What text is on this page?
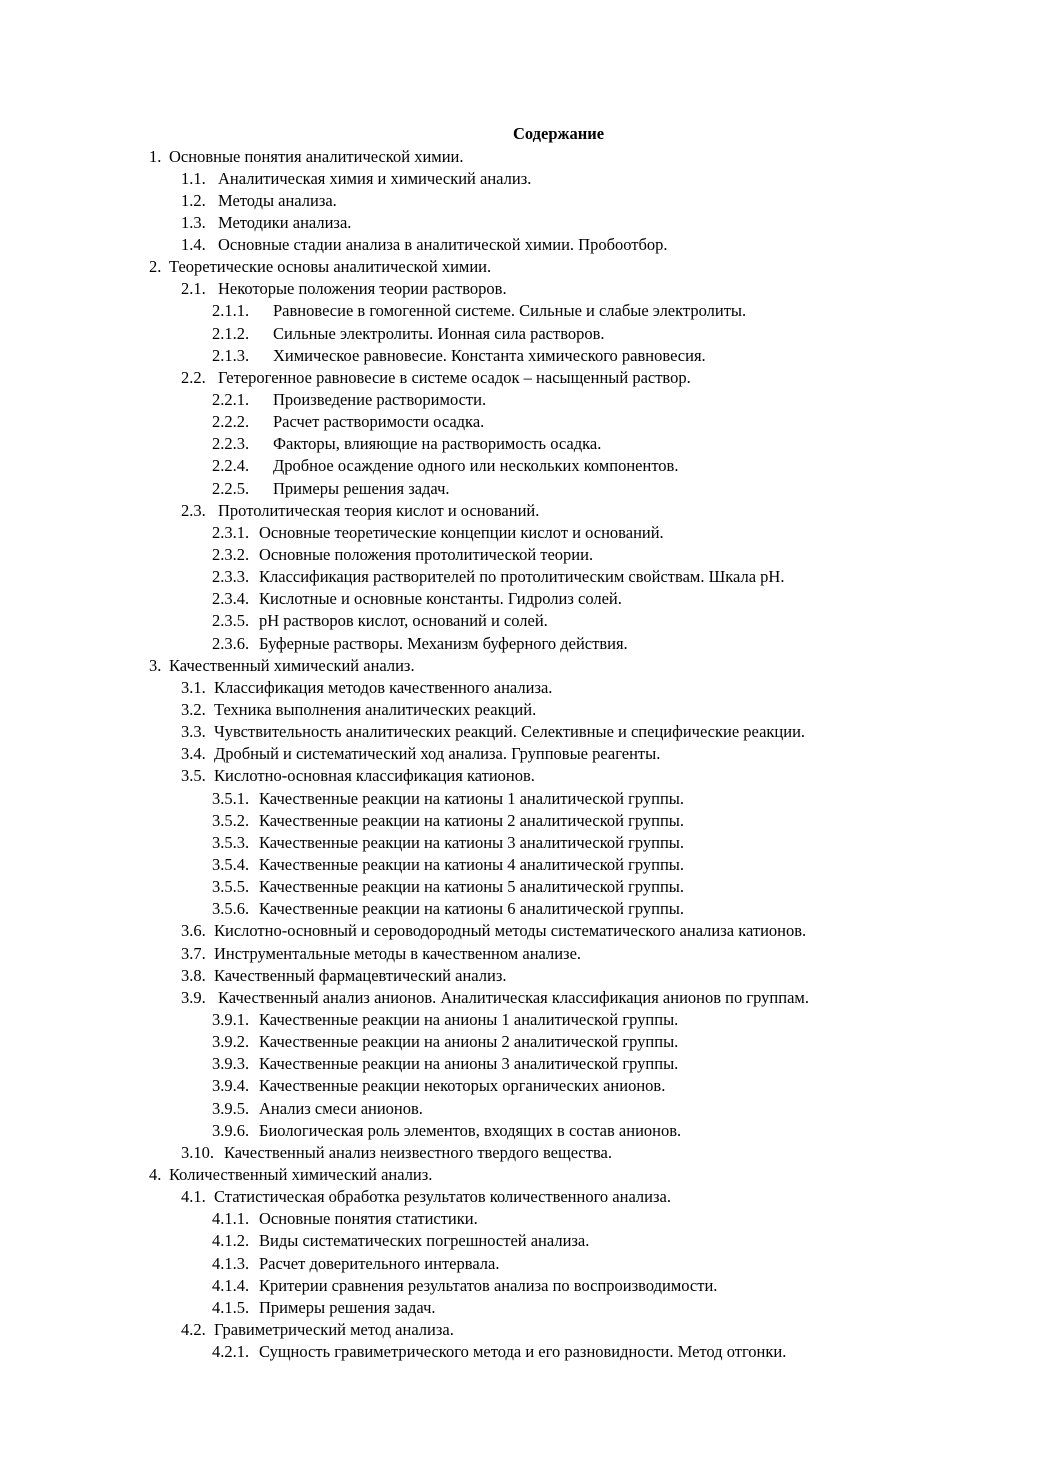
Содержание
1. Основные понятия аналитической химии.
1.1. Аналитическая химия и химический анализ.
1.2. Методы анализа.
1.3. Методики анализа.
1.4. Основные стадии анализа в аналитической химии. Пробоотбор.
2. Теоретические основы аналитической химии.
2.1. Некоторые положения теории растворов.
2.1.1. Равновесие в гомогенной системе. Сильные и слабые электролиты.
2.1.2. Сильные электролиты. Ионная сила растворов.
2.1.3. Химическое равновесие. Константа химического равновесия.
2.2. Гетерогенное равновесие в системе осадок – насыщенный раствор.
2.2.1. Произведение растворимости.
2.2.2. Расчет растворимости осадка.
2.2.3. Факторы, влияющие на растворимость осадка.
2.2.4. Дробное осаждение одного или нескольких компонентов.
2.2.5. Примеры решения задач.
2.3. Протолитическая теория кислот и оснований.
2.3.1. Основные теоретические концепции кислот и оснований.
2.3.2. Основные положения протолитической теории.
2.3.3. Классификация растворителей по протолитическим свойствам. Шкала pH.
2.3.4. Кислотные и основные константы. Гидролиз солей.
2.3.5. pH растворов кислот, оснований и солей.
2.3.6. Буферные растворы. Механизм буферного действия.
3. Качественный химический анализ.
3.1. Классификация методов качественного анализа.
3.2. Техника выполнения аналитических реакций.
3.3. Чувствительность аналитических реакций. Селективные и специфические реакции.
3.4. Дробный и систематический ход анализа. Групповые реагенты.
3.5. Кислотно-основная классификация катионов.
3.5.1. Качественные реакции на катионы 1 аналитической группы.
3.5.2. Качественные реакции на катионы 2 аналитической группы.
3.5.3. Качественные реакции на катионы 3 аналитической группы.
3.5.4. Качественные реакции на катионы 4 аналитической группы.
3.5.5. Качественные реакции на катионы 5 аналитической группы.
3.5.6. Качественные реакции на катионы 6 аналитической группы.
3.6. Кислотно-основный и сероводородный методы систематического анализа катионов.
3.7. Инструментальные методы в качественном анализе.
3.8. Качественный фармацевтический анализ.
3.9. Качественный анализ анионов. Аналитическая классификация анионов по группам.
3.9.1. Качественные реакции на анионы 1 аналитической группы.
3.9.2. Качественные реакции на анионы 2 аналитической группы.
3.9.3. Качественные реакции на анионы 3 аналитической группы.
3.9.4. Качественные реакции некоторых органических анионов.
3.9.5. Анализ смеси анионов.
3.9.6. Биологическая роль элементов, входящих в состав анионов.
3.10. Качественный анализ неизвестного твердого вещества.
4. Количественный химический анализ.
4.1. Статистическая обработка результатов количественного анализа.
4.1.1. Основные понятия статистики.
4.1.2. Виды систематических погрешностей анализа.
4.1.3. Расчет доверительного интервала.
4.1.4. Критерии сравнения результатов анализа по воспроизводимости.
4.1.5. Примеры решения задач.
4.2. Гравиметрический метод анализа.
4.2.1. Сущность гравиметрического метода и его разновидности. Метод отгонки.
